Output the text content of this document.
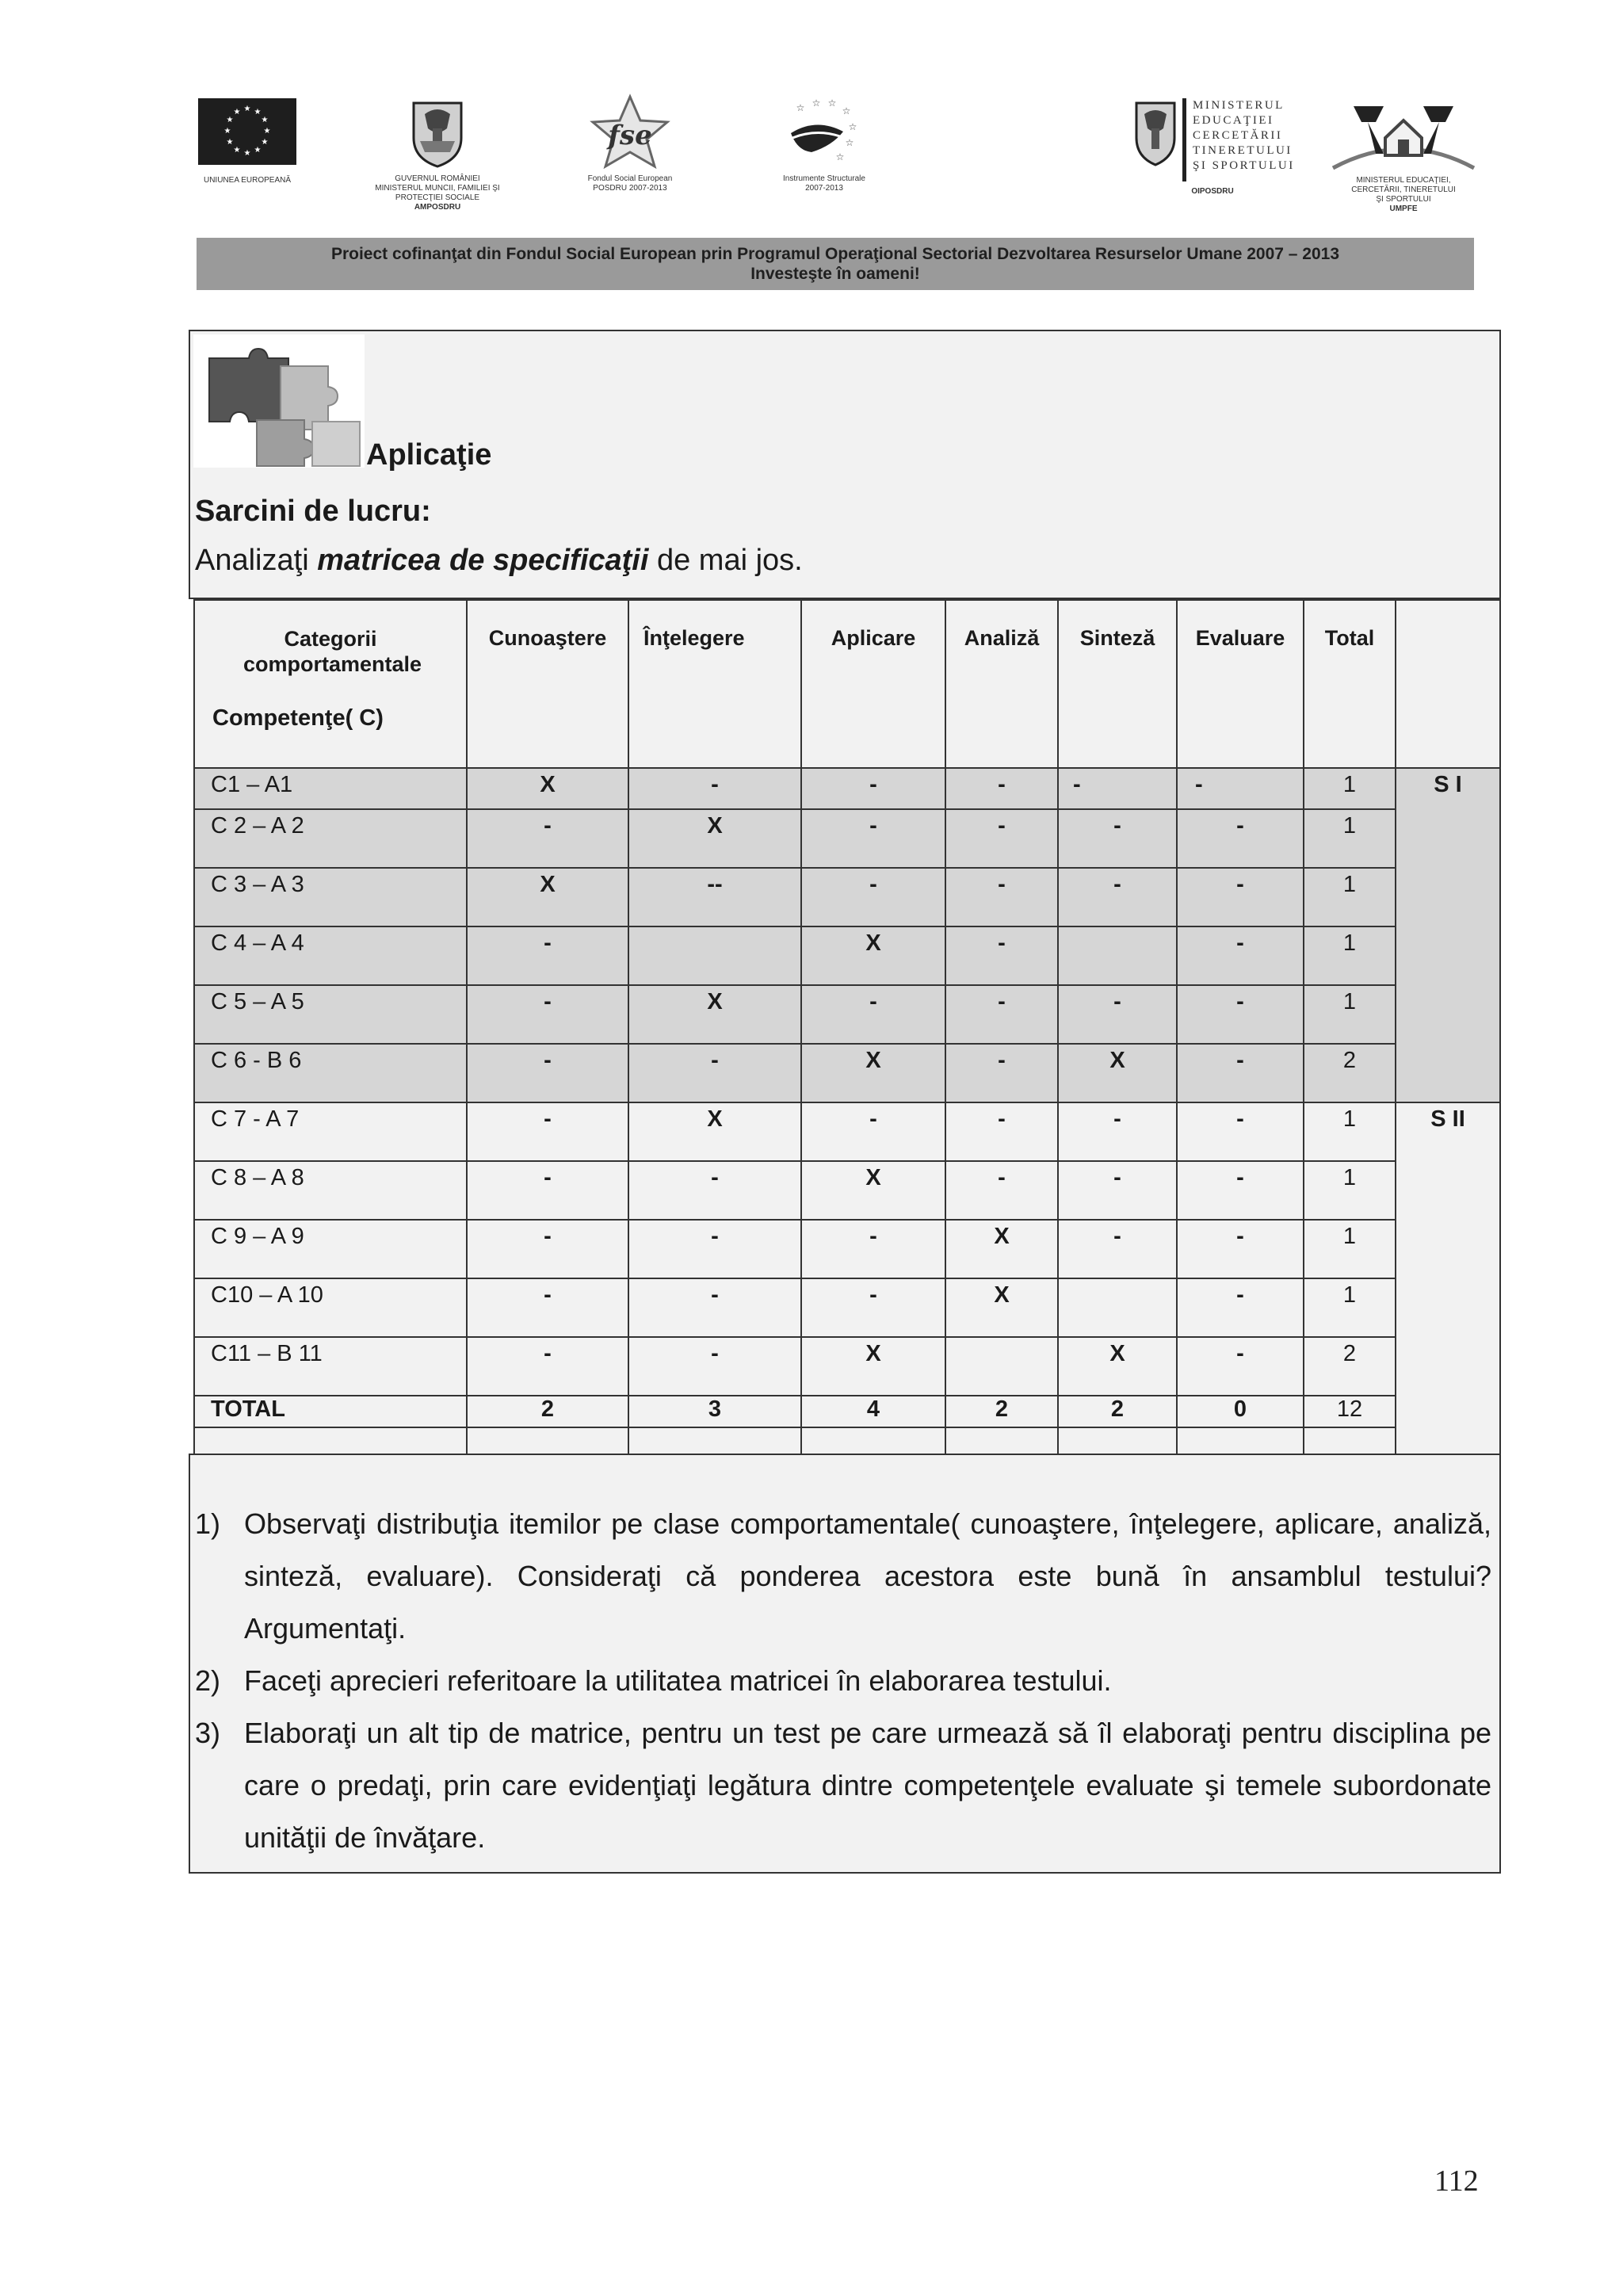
★ ★
★
★
★
★
★
★
★
★
★
★
UNIUNEA EUROPEANĂ	GUVERNUL ROMÂNIEI
MINISTERUL MUNCII, FAMILIEI ŞI
PROTECŢIEI SOCIALE
AMPOSDRU
fse
Fondul Social European
POSDRU 2007-2013
☆ ☆ ☆
☆
☆
☆
☆
Instrumente Structurale
2007-2013
MINISTERUL
EDUCAŢIEI
CERCETĂRII
TINERETULUI
ŞI SPORTULUI
OIPOSDRU
MINISTERUL EDUCAŢIEI,
CERCETĂRII, TINERETULUI
ŞI SPORTULUI
UMPFE
Proiect cofinanţat din Fondul Social European prin Programul Operaţional Sectorial Dezvoltarea Resurselor Umane 2007 – 2013
Investeşte în oameni!
Aplicaţie
Sarcini de lucru:
Analizaţi matricea de specificaţii de mai jos.
Categorii comportamentale
Competenţe( C)	Cunoaştere	Înţelegere	Aplicare	Analiză	Sinteză	Evaluare	Total	
C1 – A1	X	-	-	-	-	-	1	S I
C 2 – A 2	-	X	-	-	-	-	1	
C 3 – A 3	X	--	-	-	-	-	1	
C 4 – A 4	-		X	-		-	1	
C 5 – A 5	-	X	-	-	-	-	1	
C 6 - B 6	-	-	X	-	X	-	2	
C 7 - A 7	-	X	-	-	-	-	1	S II
C 8 – A 8	-	-	X	-	-	-	1	
C 9 – A 9	-	-	-	X	-	-	1	
C10 – A 10	-	-	-	X		-	1	
C11 – B 11	-	-	X		X	-	2	
TOTAL	2	3	4	2	2	0	12	

1) Observaţi distribuţia itemilor pe clase comportamentale( cunoaştere, înţelegere, aplicare, analiză, sinteză, evaluare). Consideraţi că ponderea acestora este bună în ansamblul testului? Argumentaţi.
2) Faceţi aprecieri referitoare la utilitatea matricei în elaborarea testului.
3) Elaboraţi un alt tip de matrice, pentru un test pe care urmează să îl elaboraţi pentru disciplina pe care o predaţi, prin care evidenţiaţi legătura dintre competenţele evaluate şi temele subordonate unităţii de învăţare.
112
